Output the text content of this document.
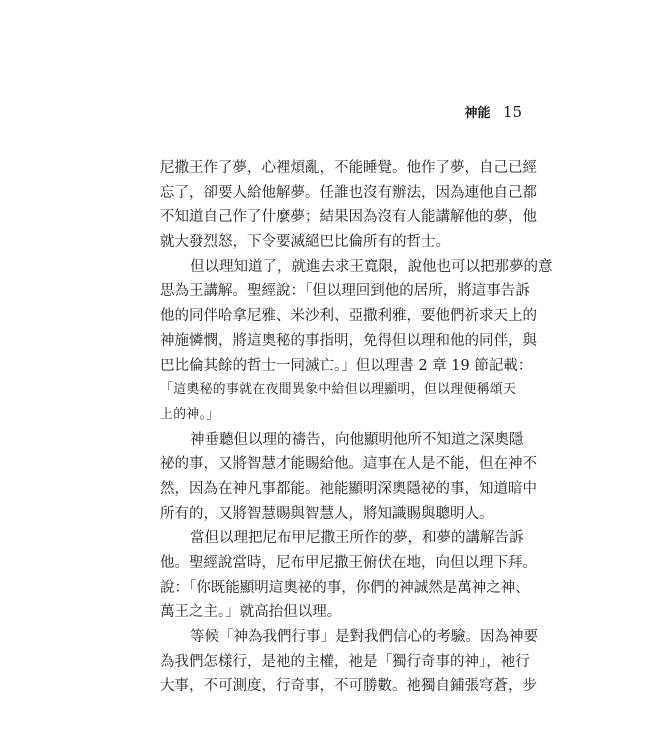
神能 15
尼撒王作了夢，心裡煩亂，不能睡覺。他作了夢，自己已經
忘了，卻要人給他解夢。任誰也沒有辦法，因為連他自己都
不知道自己作了什麼夢；結果因為沒有人能講解他的夢，他
就大發烈怒，下令要滅絕巴比倫所有的哲士。
但以理知道了，就進去求王寬限，說他也可以把那夢的意
思為王講解。聖經說：「但以理回到他的居所，將這事告訴
他的同伴哈拿尼雅、米沙利、亞撒利雅，要他們祈求天上的
神施憐憫，將這奧秘的事指明，免得但以理和他的同伴，與
巴比倫其餘的哲士一同滅亡。」但以理書 2 章 19 節記載：
「這奧秘的事就在夜間異象中給但以理顯明，但以理便稱頌天
上的神。」
神垂聽但以理的禱告，向他顯明他所不知道之深奧隱
祕的事，又將智慧才能賜給他。這事在人是不能，但在神不
然，因為在神凡事都能。祂能顯明深奧隱祕的事，知道暗中
所有的，又將智慧賜與智慧人，將知識賜與聰明人。
當但以理把尼布甲尼撒王所作的夢，和夢的講解告訴
他。聖經說當時，尼布甲尼撒王俯伏在地，向但以理下拜。
說：「你既能顯明這奧祕的事，你們的神誠然是萬神之神、
萬王之主。」就高抬但以理。
等候「神為我們行事」是對我們信心的考驗。因為神要
為我們怎樣行，是祂的主權，祂是「獨行奇事的神」，祂行
大事，不可測度，行奇事，不可勝數。祂獨自鋪張穹蒼，步
